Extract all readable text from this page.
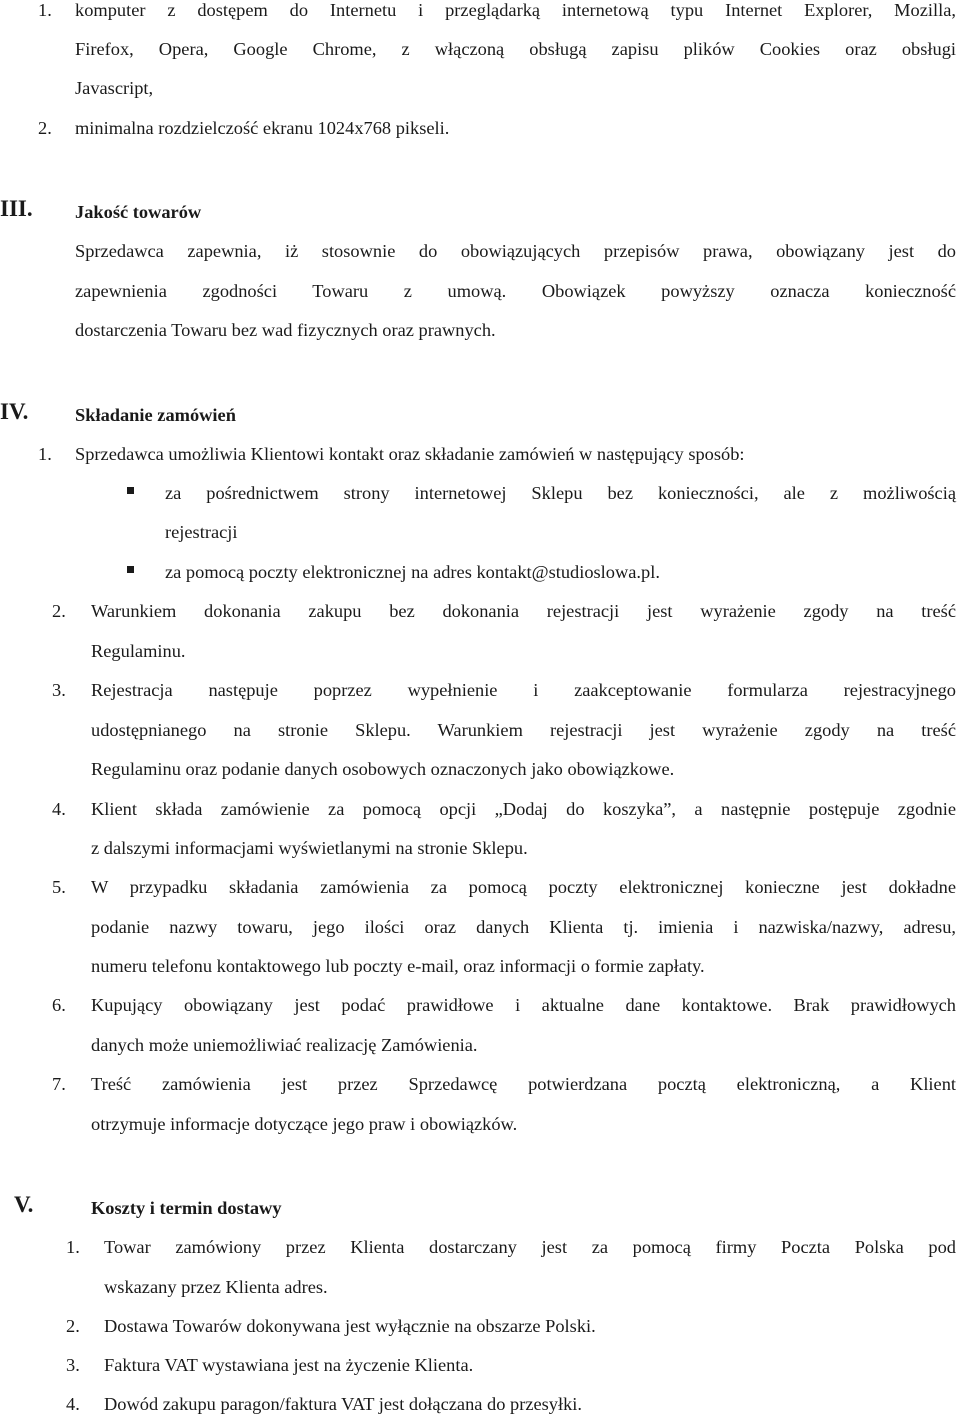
1. komputer z dostępem do Internetu i przeglądarką internetową typu Internet Explorer, Mozilla,
Firefox, Opera, Google Chrome, z włączoną obsługą zapisu plików Cookies oraz obsługi
Javascript,
2. minimalna rozdzielczość ekranu 1024x768 pikseli.
III. Jakość towarów
Sprzedawca zapewnia, iż stosownie do obowiązujących przepisów prawa, obowiązany jest do
zapewnienia zgodności Towaru z umową. Obowiązek powyższy oznacza konieczność
dostarczenia Towaru bez wad fizycznych oraz prawnych.
IV.	Składanie zamówień
1. Sprzedawca umożliwia Klientowi kontakt oraz składanie zamówień w następujący sposób:
za pośrednictwem strony internetowej Sklepu bez konieczności, ale z możliwością
rejestracji
za pomocą poczty elektronicznej na adres kontakt@studioslowa.pl.
2. Warunkiem dokonania zakupu bez dokonania rejestracji jest wyrażenie zgody na treść
Regulaminu.
3. Rejestracja następuje poprzez wypełnienie i zaakceptowanie formularza rejestracyjnego
udostępnianego na stronie Sklepu. Warunkiem rejestracji jest wyrażenie zgody na treść
Regulaminu oraz podanie danych osobowych oznaczonych jako obowiązkowe.
4. Klient składa zamówienie za pomocą opcji „Dodaj do koszyka”, a następnie postępuje zgodnie
z dalszymi informacjami wyświetlanymi na stronie Sklepu.
5. W przypadku składania zamówienia za pomocą poczty elektronicznej konieczne jest dokładne
podanie nazwy towaru, jego ilości oraz danych Klienta tj. imienia i nazwiska/nazwy, adresu,
numeru telefonu kontaktowego lub poczty e-mail, oraz informacji o formie zapłaty.
6. Kupujący obowiązany jest podać prawidłowe i aktualne dane kontaktowe. Brak prawidłowych
danych może uniemożliwiać realizację Zamówienia.
7. Treść zamówienia jest przez Sprzedawcę potwierdzana pocztą elektroniczną, a Klient
otrzymuje informacje dotyczące jego praw i obowiązków.
V.	Koszty i termin dostawy
1. Towar zamówiony przez Klienta dostarczany jest za pomocą firmy Poczta Polska pod
wskazany przez Klienta adres.
2. Dostawa Towarów dokonywana jest wyłącznie na obszarze Polski.
3. Faktura VAT wystawiana jest na życzenie Klienta.
4. Dowód zakupu paragon/faktura VAT jest dołączana do przesyłki.
